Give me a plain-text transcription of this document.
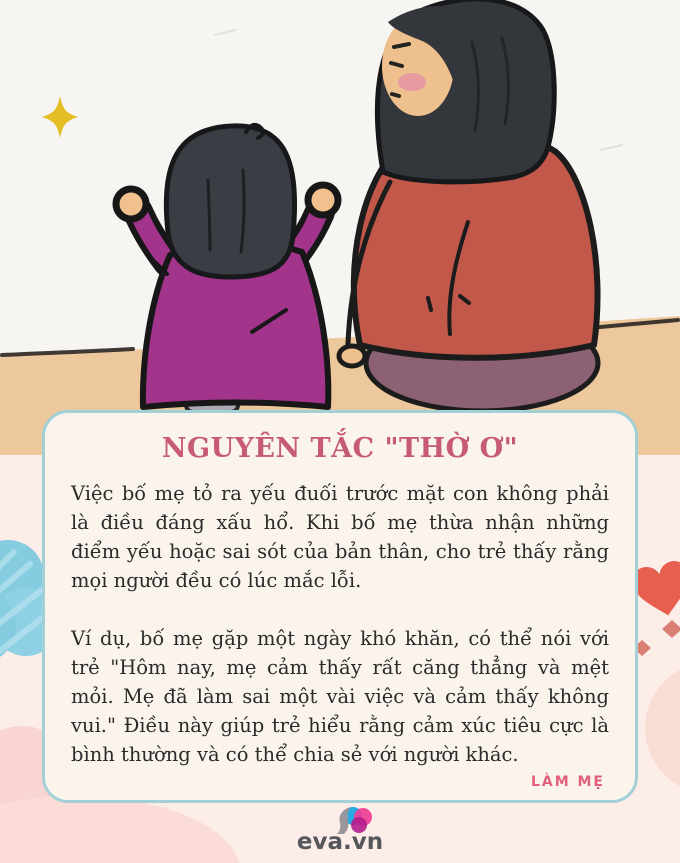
NGUYÊN TẮC "THỜ Ơ"

Việc bố mẹ tỏ ra yếu đuối trước mặt con không phải là điều đáng xấu hổ. Khi bố mẹ thừa nhận những điểm yếu hoặc sai sót của bản thân, cho trẻ thấy rằng mọi người đều có lúc mắc lỗi.

Ví dụ, bố mẹ gặp một ngày khó khăn, có thể nói với trẻ "Hôm nay, mẹ cảm thấy rất căng thẳng và mệt mỏi. Mẹ đã làm sai một vài việc và cảm thấy không vui." Điều này giúp trẻ hiểu rằng cảm xúc tiêu cực là bình thường và có thể chia sẻ với người khác.

LÀM MẸ
eva.vn
